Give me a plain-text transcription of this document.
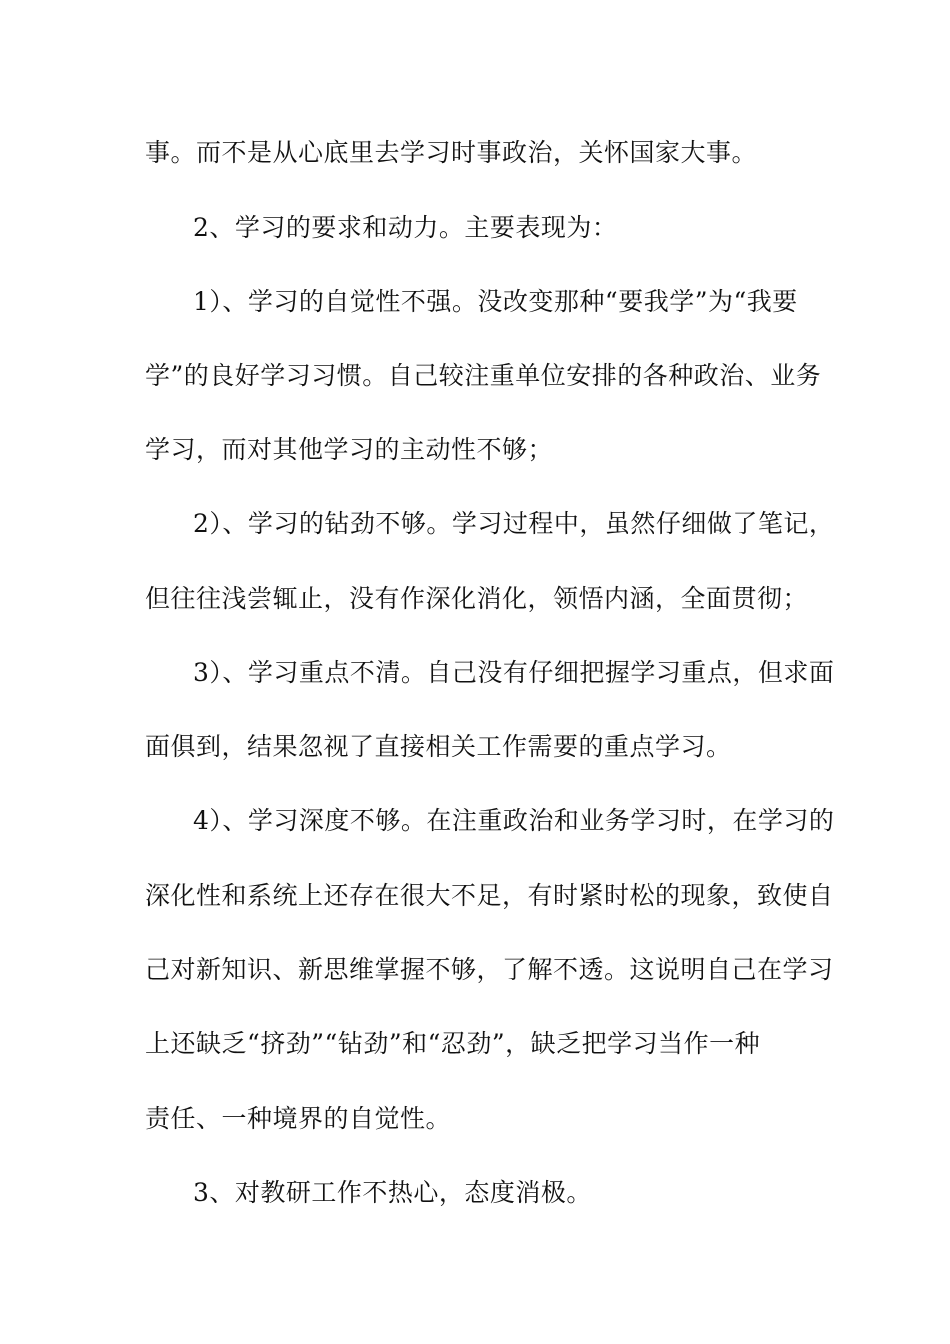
事。而不是从心底里去学习时事政治，关怀国家大事。
2、学习的要求和动力。主要表现为：
1）、学习的自觉性不强。没改变那种“要我学”为“我要
学”的良好学习习惯。自己较注重单位安排的各种政治、业务
学习，而对其他学习的主动性不够；
2）、学习的钻劲不够。学习过程中，虽然仔细做了笔记，
但往往浅尝辄止，没有作深化消化，领悟内涵，全面贯彻；
3）、学习重点不清。自己没有仔细把握学习重点，但求面
面俱到，结果忽视了直接相关工作需要的重点学习。
4）、学习深度不够。在注重政治和业务学习时，在学习的
深化性和系统上还存在很大不足，有时紧时松的现象，致使自
己对新知识、新思维掌握不够，了解不透。这说明自己在学习
上还缺乏“挤劲”“钻劲”和“忍劲”，缺乏把学习当作一种
责任、一种境界的自觉性。
3、对教研工作不热心，态度消极。
